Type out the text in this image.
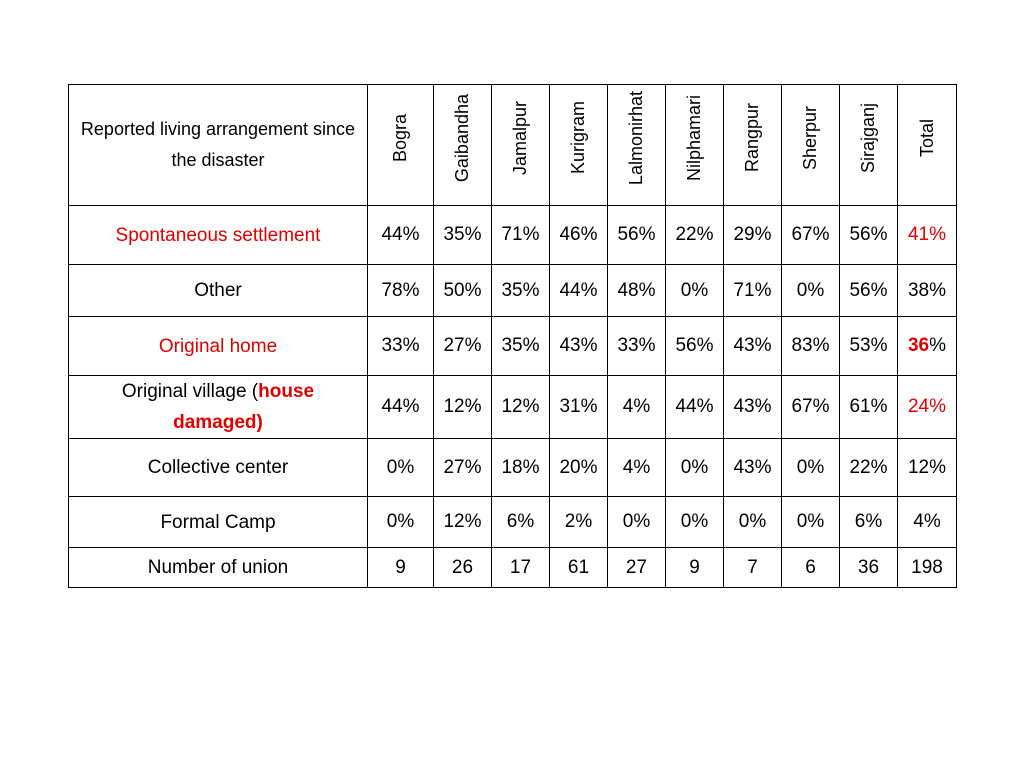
Reported living arrangement since the disaster	Bogra	Gaibandha	Jamalpur	Kurigram	Lalmonirhat	Nilphamari	Rangpur	Sherpur	Sirajganj	Total
Spontaneous settlement	44%	35%	71%	46%	56%	22%	29%	67%	56%	41%
Other	78%	50%	35%	44%	48%	0%	71%	0%	56%	38%
Original home	33%	27%	35%	43%	33%	56%	43%	83%	53%	36%
Original village (house
damaged)	44%	12%	12%	31%	4%	44%	43%	67%	61%	24%
Collective center	0%	27%	18%	20%	4%	0%	43%	0%	22%	12%
Formal Camp	0%	12%	6%	2%	0%	0%	0%	0%	6%	4%
Number of union	9	26	17	61	27	9	7	6	36	198
